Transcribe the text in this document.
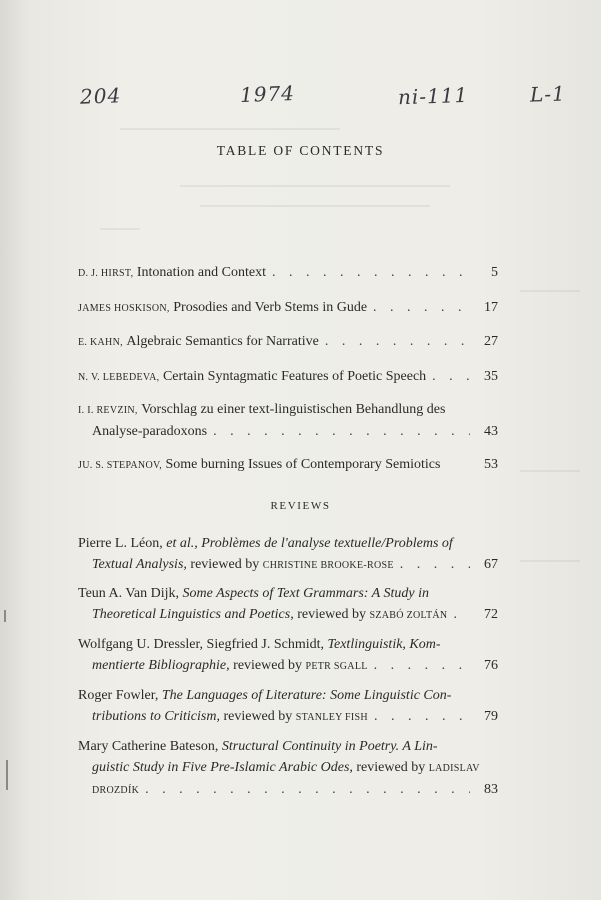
204	1974	ni-111	L-1
TABLE OF CONTENTS
D. J. HIRST,
Intonation and Context . . .	5
JAMES HOSKISON,
Prosodies and Verb Stems in Gude . . .	17
E. KAHN,
Algebraic Semantics for Narrative . . .	27
N. V. LEBEDEVA,
Certain Syntagmatic Features of Poetic Speech . . .	35
I. I. REVZIN,
Vorschlag zu einer text-linguistischen Behandlung des
Analyse-paradoxons . . .	43
JU. S. STEPANOV,
Some burning Issues of Contemporary Semiotics	53
REVIEWS
Pierre L. Léon,
et al.,
Problèmes de l'analyse textuelle/Problems of
Textual Analysis,
reviewed by
CHRISTINE BROOKE-ROSE . . .	67
Teun A. Van Dijk,
Some Aspects of Text Grammars: A Study in
Theoretical Linguistics and Poetics,
reviewed by
SZABÓ ZOLTÁN . . .	72
Wolfgang U. Dressler, Siegfried J. Schmidt,
Textlinguistik, Kom-
mentierte Bibliographie,
reviewed by
PETR SGALL . . .	76
Roger Fowler,
The Languages of Literature: Some Linguistic Con-
tributions to Criticism,
reviewed by
STANLEY FISH . . .	79
Mary Catherine Bateson,
Structural Continuity in Poetry. A Lin-
guistic Study in Five Pre-Islamic Arabic Odes,
reviewed by
LADISLAV
DROZDÍK . . .	83
